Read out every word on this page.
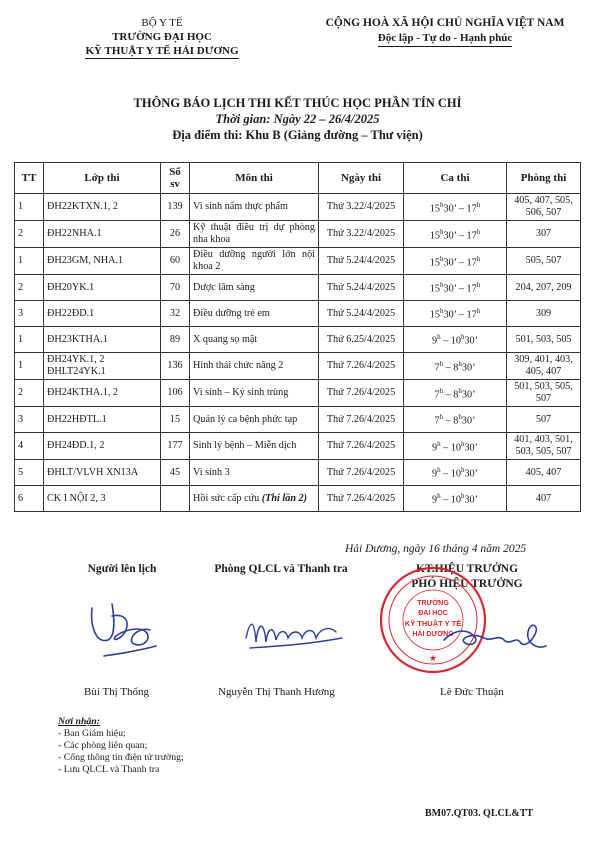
BỘ Y TẾ
TRƯỜNG ĐẠI HỌC
KỸ THUẬT Y TẾ HẢI DƯƠNG
CỘNG HOÀ XÃ HỘI CHỦ NGHĨA VIỆT NAM
Độc lập - Tự do - Hạnh phúc
THÔNG BÁO LỊCH THI KẾT THÚC HỌC PHẦN TÍN CHỈ
Thời gian: Ngày 22 – 26/4/2025
Địa điểm thi: Khu B (Giảng đường – Thư viện)
TT	Lớp thi	Số sv	Môn thi	Ngày thi	Ca thi	Phòng thi
1	ĐH22KTXN.1, 2	139	Vi sinh nấm thực phẩm	Thứ 3.22/4/2025	15$^h$30’ – 17$^h$	405, 407, 505, 506, 507
2	ĐH22NHA.1	26	Kỹ thuật điều trị dự phòng nha khoa	Thứ 3.22/4/2025	15$^h$30’ – 17$^h$	307
1	ĐH23GM, NHA.1	60	Điều dưỡng người lớn nội khoa 2	Thứ 5.24/4/2025	15$^h$30’ – 17$^h$	505, 507
2	ĐH20YK.1	70	Dược lâm sàng	Thứ 5.24/4/2025	15$^h$30’ – 17$^h$	204, 207, 209
3	ĐH22ĐD.1	32	Điều dưỡng trẻ em	Thứ 5.24/4/2025	15$^h$30’ – 17$^h$	309
1	ĐH23KTHA.1	89	X quang sọ mặt	Thứ 6.25/4/2025	9$^h$ – 10$^h$30’	501, 503, 505
1	ĐH24YK.1, 2 ĐHLT24YK.1	136	Hình thái chức năng 2	Thứ 7.26/4/2025	7$^h$ – 8$^h$30’	309, 401, 403, 405, 407
2	ĐH24KTHA.1, 2	106	Vi sinh – Ký sinh trùng	Thứ 7.26/4/2025	7$^h$ – 8$^h$30’	501, 503, 505, 507
3	ĐH22HĐTL.1	15	Quản lý ca bệnh phức tạp	Thứ 7.26/4/2025	7$^h$ – 8$^h$30’	507
4	ĐH24ĐD.1, 2	177	Sinh lý bệnh – Miễn dịch	Thứ 7.26/4/2025	9$^h$ – 10$^h$30’	401, 403, 501, 503, 505, 507
5	ĐHLT/VLVH XN13A	45	Vi sinh 3	Thứ 7.26/4/2025	9$^h$ – 10$^h$30’	405, 407
6	CK I NỘI 2, 3		Hồi sức cấp cứu (Thi lần 2)	Thứ 7.26/4/2025	9$^h$ – 10$^h$30’	407
Hải Dương, ngày 16 tháng 4 năm 2025
Người lên lịch	Phòng QLCL và Thanh tra	KT.HIỆU TRƯỞNG
PHÓ HIỆU TRƯỞNG
TRƯỜNG
ĐẠI HỌC
KỸ THUẬT Y TẾ
HẢI DƯƠNG
★
Bùi Thị Thống	Nguyễn Thị Thanh Hương	Lê Đức Thuận
Nơi nhận:
- Ban Giám hiệu;
- Các phòng liên quan;
- Cổng thông tin điện tử trường;
- Lưu QLCL và Thanh tra
BM07.QT03. QLCL&TT
